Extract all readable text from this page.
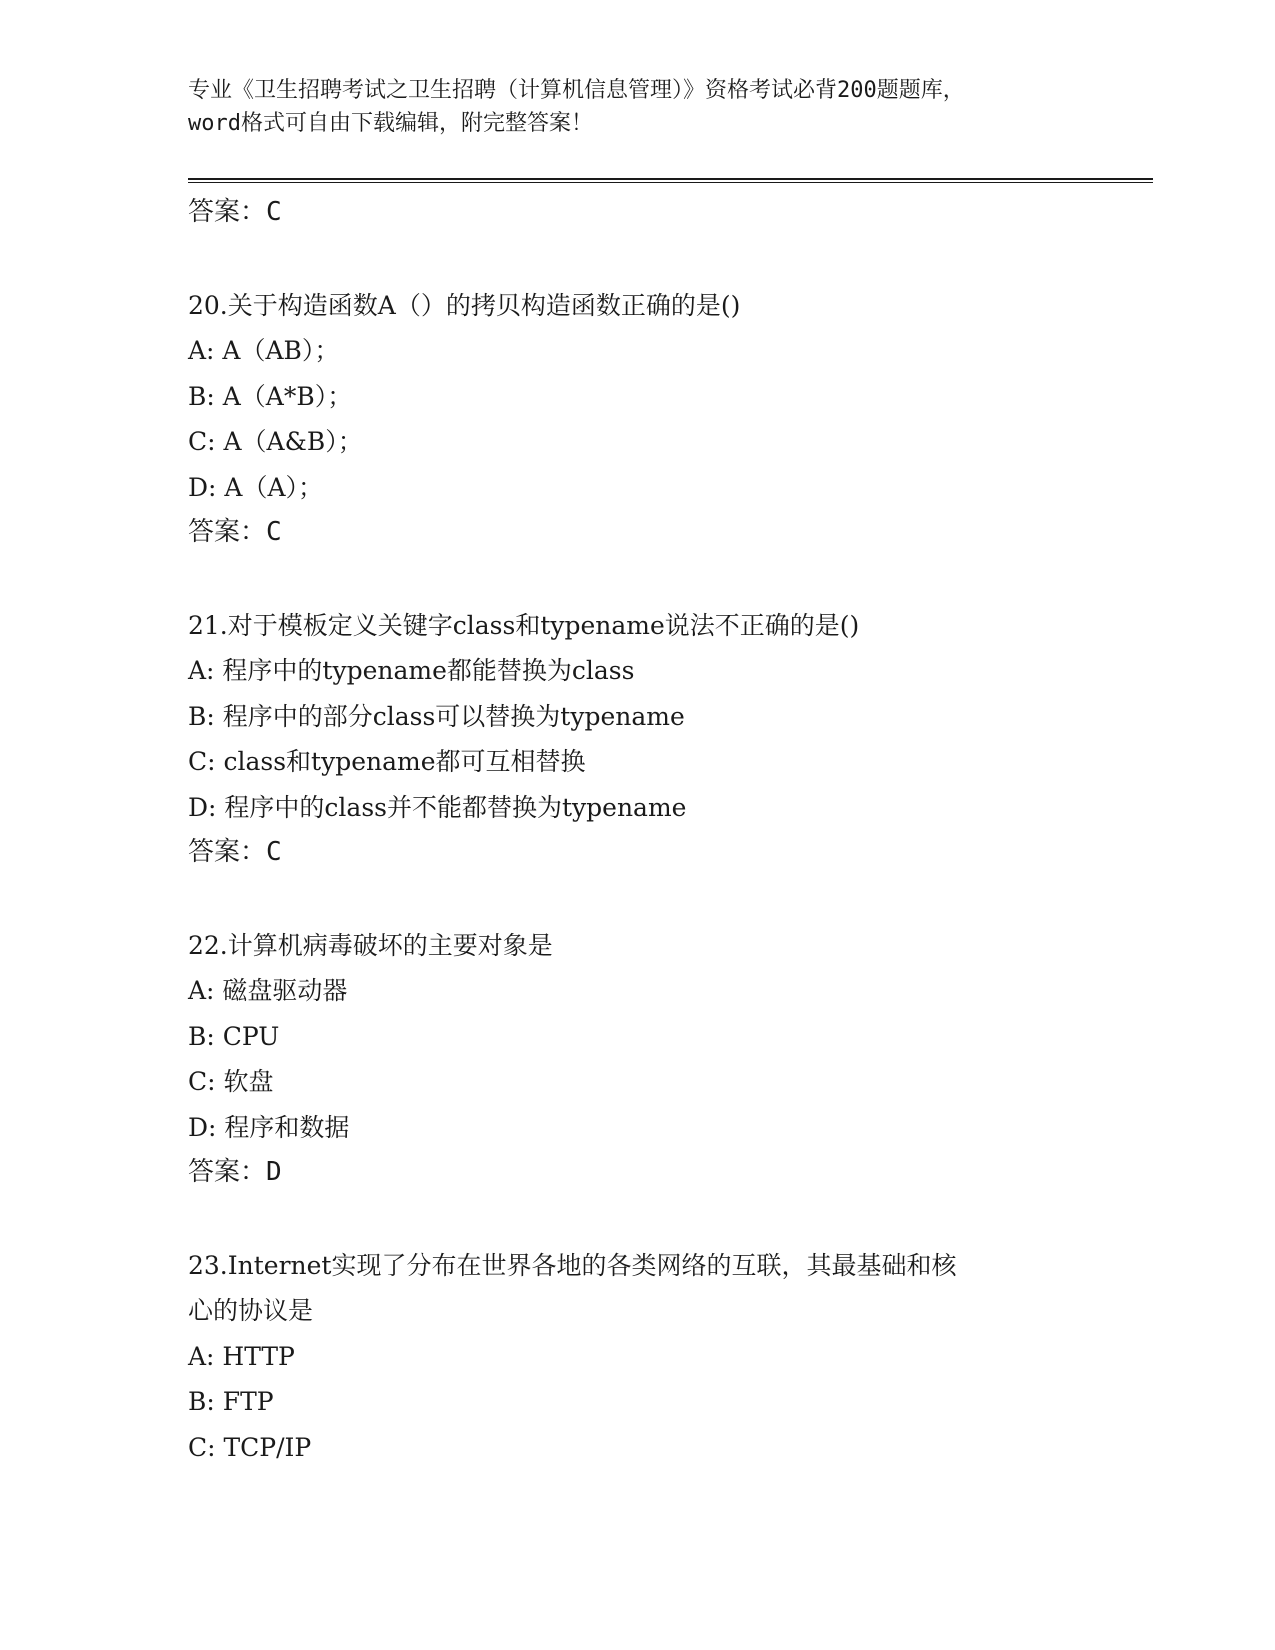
专业《卫生招聘考试之卫生招聘（计算机信息管理）》资格考试必背200题题库，
word格式可自由下载编辑，附完整答案！
答案：C
20.关于构造函数A（）的拷贝构造函数正确的是()
A: A（AB）；
B: A（A*B）；
C: A（A&B）；
D: A（A）；
答案：C
21.对于模板定义关键字class和typename说法不正确的是()
A: 程序中的typename都能替换为class
B: 程序中的部分class可以替换为typename
C: class和typename都可互相替换
D: 程序中的class并不能都替换为typename
答案：C
22.计算机病毒破坏的主要对象是
A: 磁盘驱动器
B: CPU
C: 软盘
D: 程序和数据
答案：D
23.Internet实现了分布在世界各地的各类网络的互联，其最基础和核
心的协议是
A: HTTP
B: FTP
C: TCP/IP
